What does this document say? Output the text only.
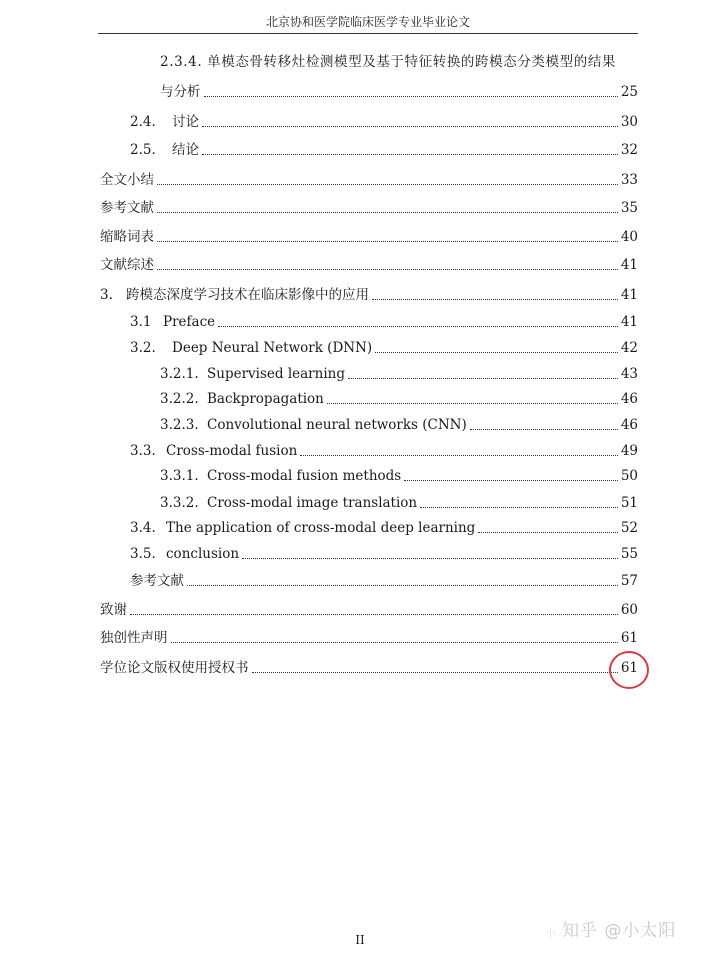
北京协和医学院临床医学专业毕业论文
2.3.4. 单模态骨转移灶检测模型及基于特征转换的跨模态分类模型的结果
与分析	25
2.4.	讨论	30
2.5.	结论	32
全文小结	33
参考文献	35
缩略词表	40
文献综述	41
3. 跨模态深度学习技术在临床影像中的应用	41
3.1 Preface	41
3.2.	Deep Neural Network (DNN)	42
3.2.1. Supervised learning	43
3.2.2. Backpropagation	46
3.2.3. Convolutional neural networks (CNN)	46
3.3. Cross-modal fusion	49
3.3.1. Cross-modal fusion methods	50
3.3.2. Cross-modal image translation	51
3.4. The application of cross-modal deep learning	52
3.5. conclusion	55
参考文献	57
致谢	60
独创性声明	61
学位论文版权使用授权书	61
II	小 知乎 @小太阳
